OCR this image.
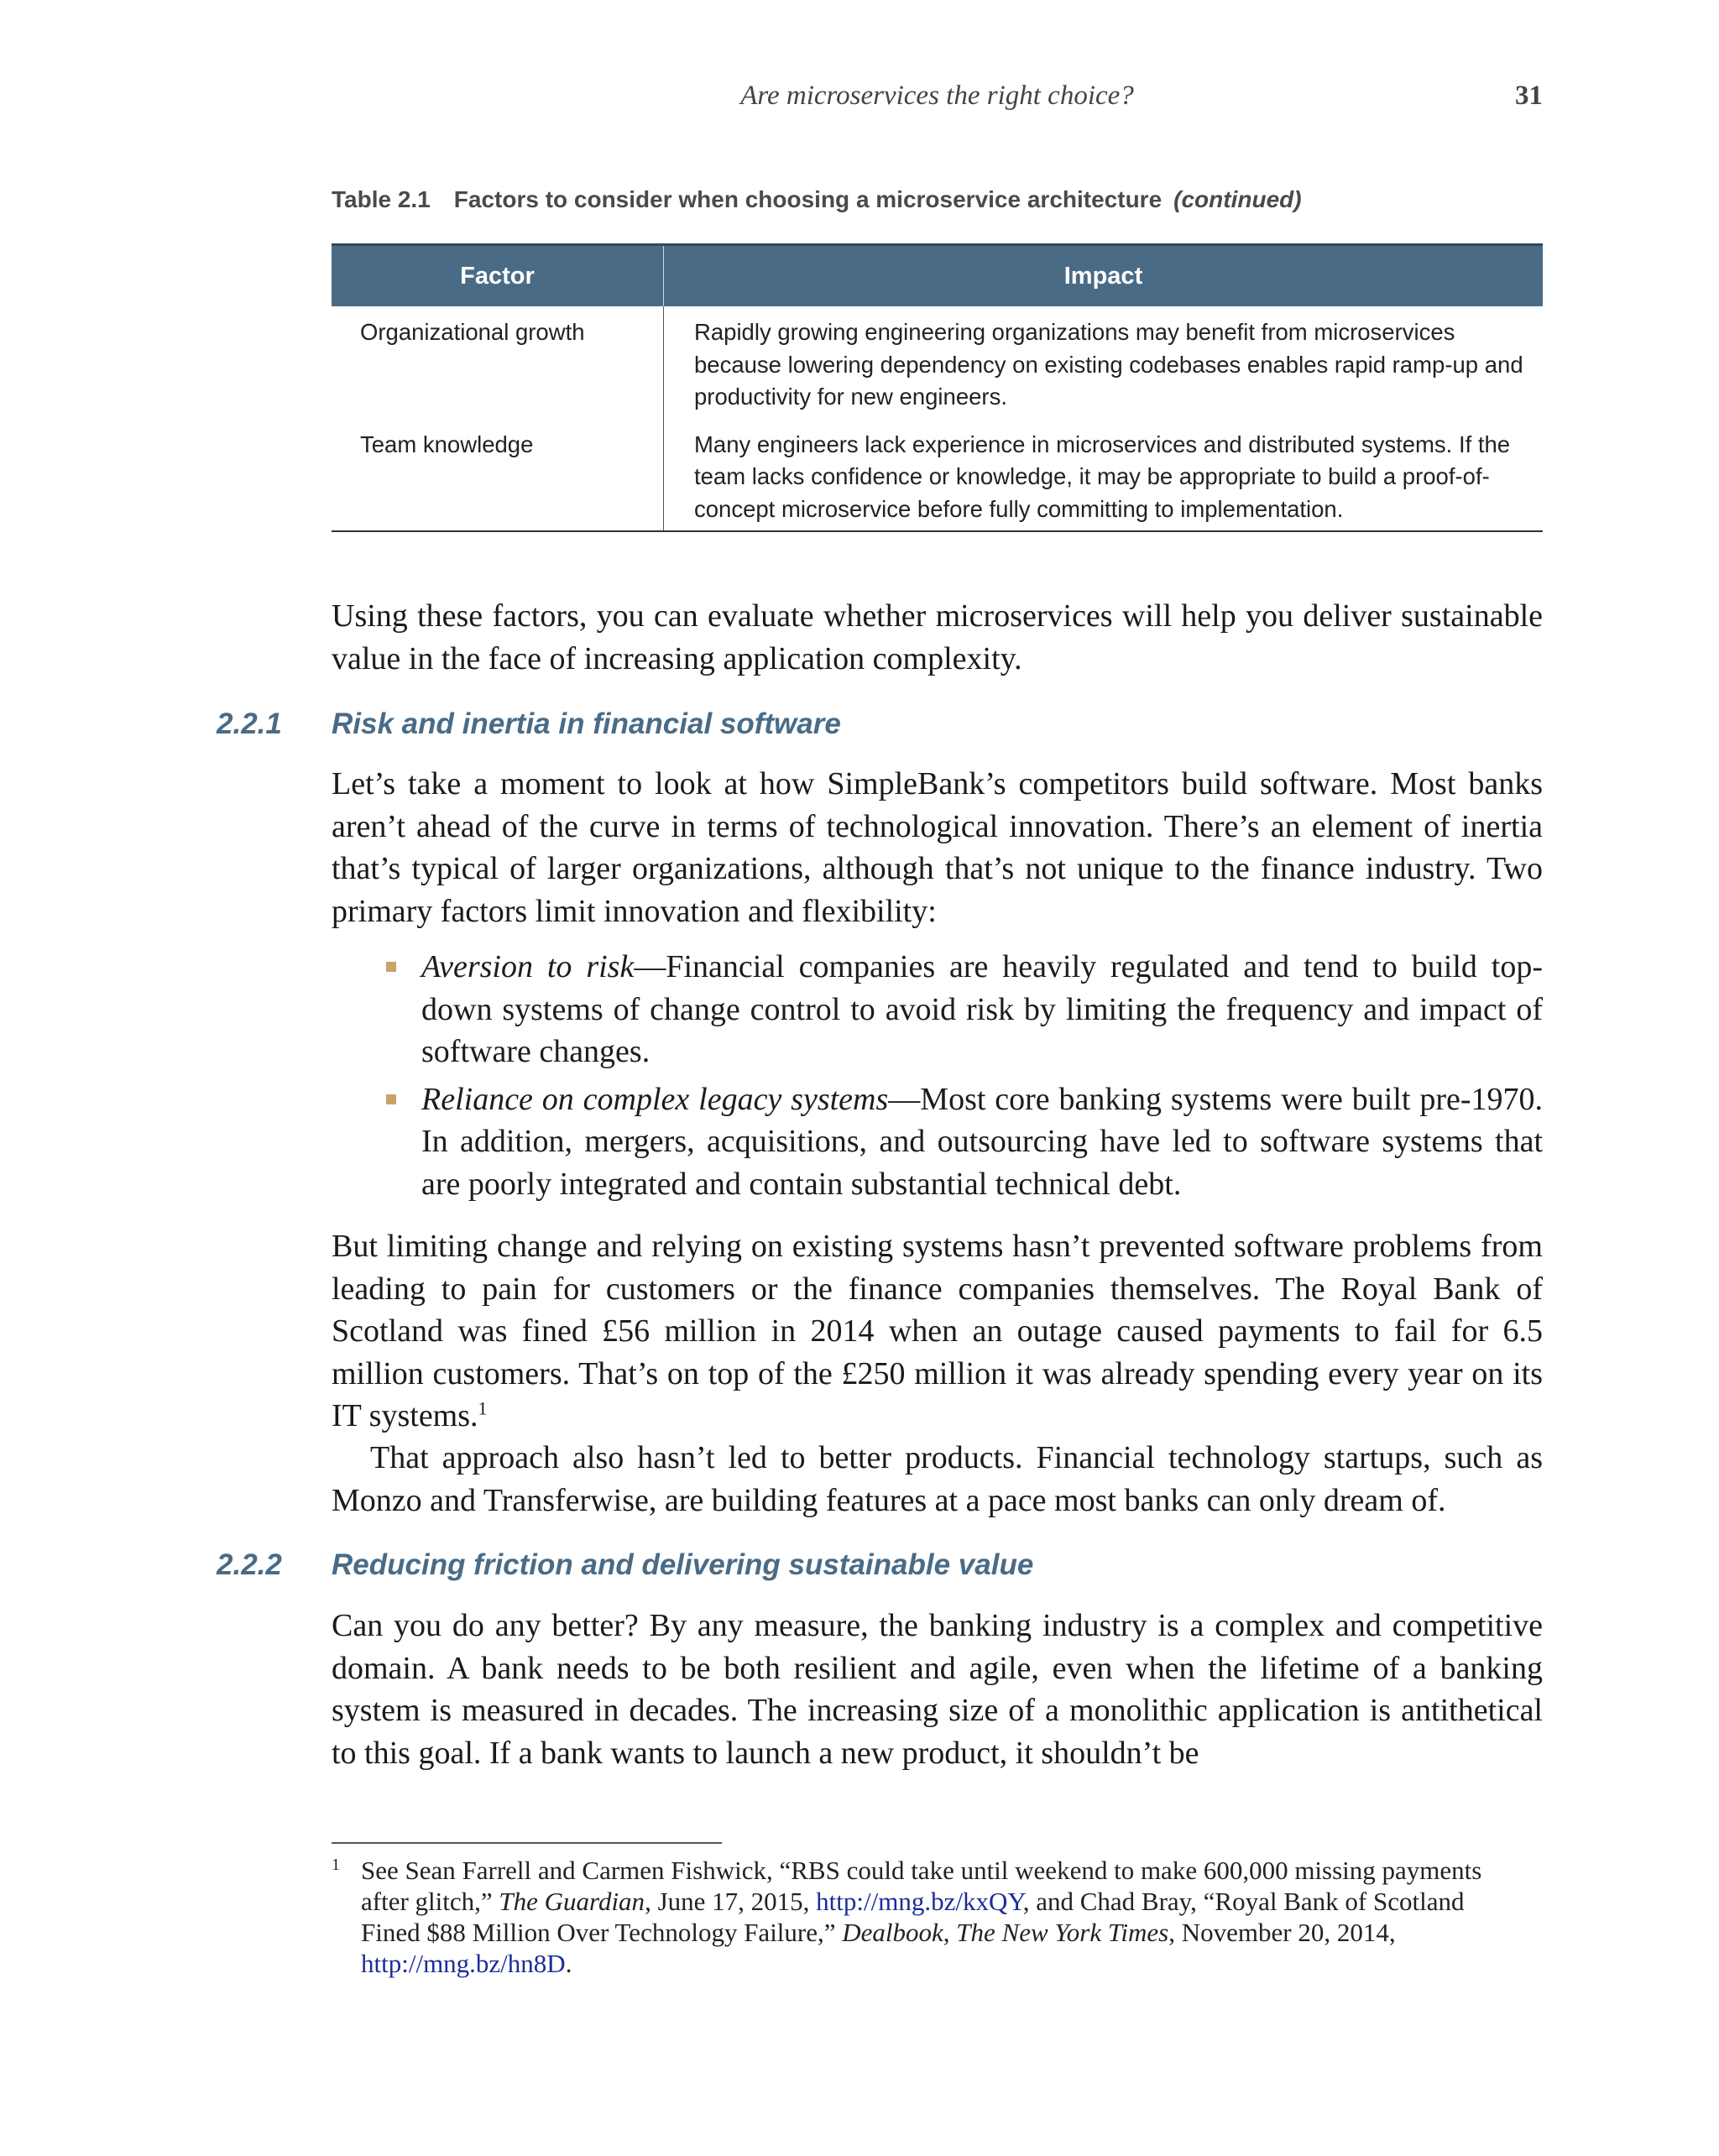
Are microservices the right choice?	31
Table 2.1 Factors to consider when choosing a microservice architecture (continued)
Factor	Impact
Organizational growth	Rapidly growing engineering organizations may benefit from microservices because lowering dependency on existing codebases enables rapid ramp-up and productivity for new engineers.
Team knowledge	Many engineers lack experience in microservices and distributed systems. If the team lacks confidence or knowledge, it may be appropriate to build a proof-of-concept microservice before fully committing to implementation.

Using these factors, you can evaluate whether microservices will help you deliver sustainable value in the face of increasing application complexity.

2.2.1 Risk and inertia in financial software

Let’s take a moment to look at how SimpleBank’s competitors build software. Most banks aren’t ahead of the curve in terms of technological innovation. There’s an element of inertia that’s typical of larger organizations, although that’s not unique to the finance industry. Two primary factors limit innovation and flexibility:

Aversion to risk—Financial companies are heavily regulated and tend to build top-down systems of change control to avoid risk by limiting the frequency and impact of software changes.
Reliance on complex legacy systems—Most core banking systems were built pre-1970. In addition, mergers, acquisitions, and outsourcing have led to software systems that are poorly integrated and contain substantial technical debt.

But limiting change and relying on existing systems hasn’t prevented software problems from leading to pain for customers or the finance companies themselves. The Royal Bank of Scotland was fined £56 million in 2014 when an outage caused payments to fail for 6.5 million customers. That’s on top of the £250 million it was already spending every year on its IT systems.$^1$

That approach also hasn’t led to better products. Financial technology startups, such as Monzo and Transferwise, are building features at a pace most banks can only dream of.

2.2.2 Reducing friction and delivering sustainable value

Can you do any better? By any measure, the banking industry is a complex and competitive domain. A bank needs to be both resilient and agile, even when the lifetime of a banking system is measured in decades. The increasing size of a monolithic application is antithetical to this goal. If a bank wants to launch a new product, it shouldn’t be

1 See Sean Farrell and Carmen Fishwick, “RBS could take until weekend to make 600,000 missing payments after glitch,” The Guardian, June 17, 2015, http://mng.bz/kxQY, and Chad Bray, “Royal Bank of Scotland Fined $88 Million Over Technology Failure,” Dealbook, The New York Times, November 20, 2014, http://mng.bz/hn8D.
